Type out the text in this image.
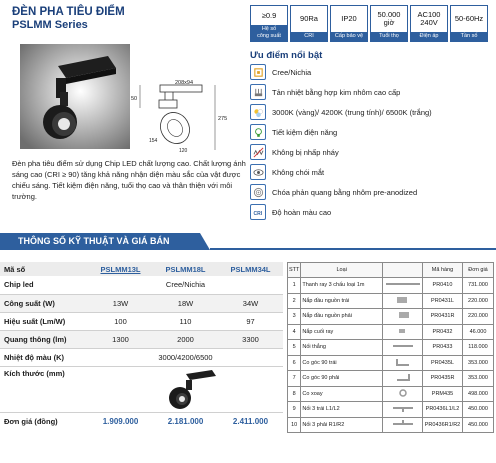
ĐÈN PHA TIÊU ĐIỂM
PSLMM Series
≥0.9
Hệ số
công suất
90Ra
CRI
IP20
Cấp bảo vệ
50.000
giờ
Tuổi thọ
AC100
240V
Điện áp
50-60Hz
Tần số
208x94
50
154
120
275
Ưu điểm nổi bật
Cree/Nichia
Tản nhiệt bằng hợp kim nhôm cao cấp
3000K (vàng)/ 4200K (trung tính)/ 6500K (trắng)
Tiết kiệm điện năng
Không bị nhấp nháy
Không chói mắt
Chóa phản quang bằng nhôm pre-anodized
CRI Độ hoàn màu cao
Đèn pha tiêu điểm sử dụng Chip LED chất lượng cao. Chất lượng ánh sáng cao (CRI ≥ 90) tăng khả năng nhận diện màu sắc của vật được chiếu sáng. Tiết kiệm điện năng, tuổi thọ cao và thân thiện với môi trường.
THÔNG SỐ KỸ THUẬT VÀ GIÁ BÁN
Mã số	PSLMM13L	PSLMM18L	PSLMM34L
Chip led	Cree/Nichia		
Công suất (W)	13W	18W	34W
Hiệu suất (Lm/W)	100	110	97
Quang thông (lm)	1300	2000	3300
Nhiệt độ màu (K)	3000/4200/6500		
Kích thước (mm)	

Đơn giá (đồng)	1.909.000	2.181.000	2.411.000
STT	Loại		Mã hàng	Đơn giá
1	Thanh ray 3 chấu loại 1m		PR0410	731.000
2	Nắp đầu nguồn trái		PR0431L	220.000
3	Nắp đầu nguồn phải		PR0431R	220.000
4	Nắp cuối ray		PR0432	46.000
5	Nối thẳng		PR0433	118.000
6	Co góc 90 trái		PR0435L	353.000
7	Co góc 90 phải		PR0435R	353.000
8	Co xoay		PRM435	498.000
9	Nối 3 trái L1/L2		PR0436L1/L2	450.000
10	Nối 3 phải R1/R2		PR0436R1/R2	450.000
